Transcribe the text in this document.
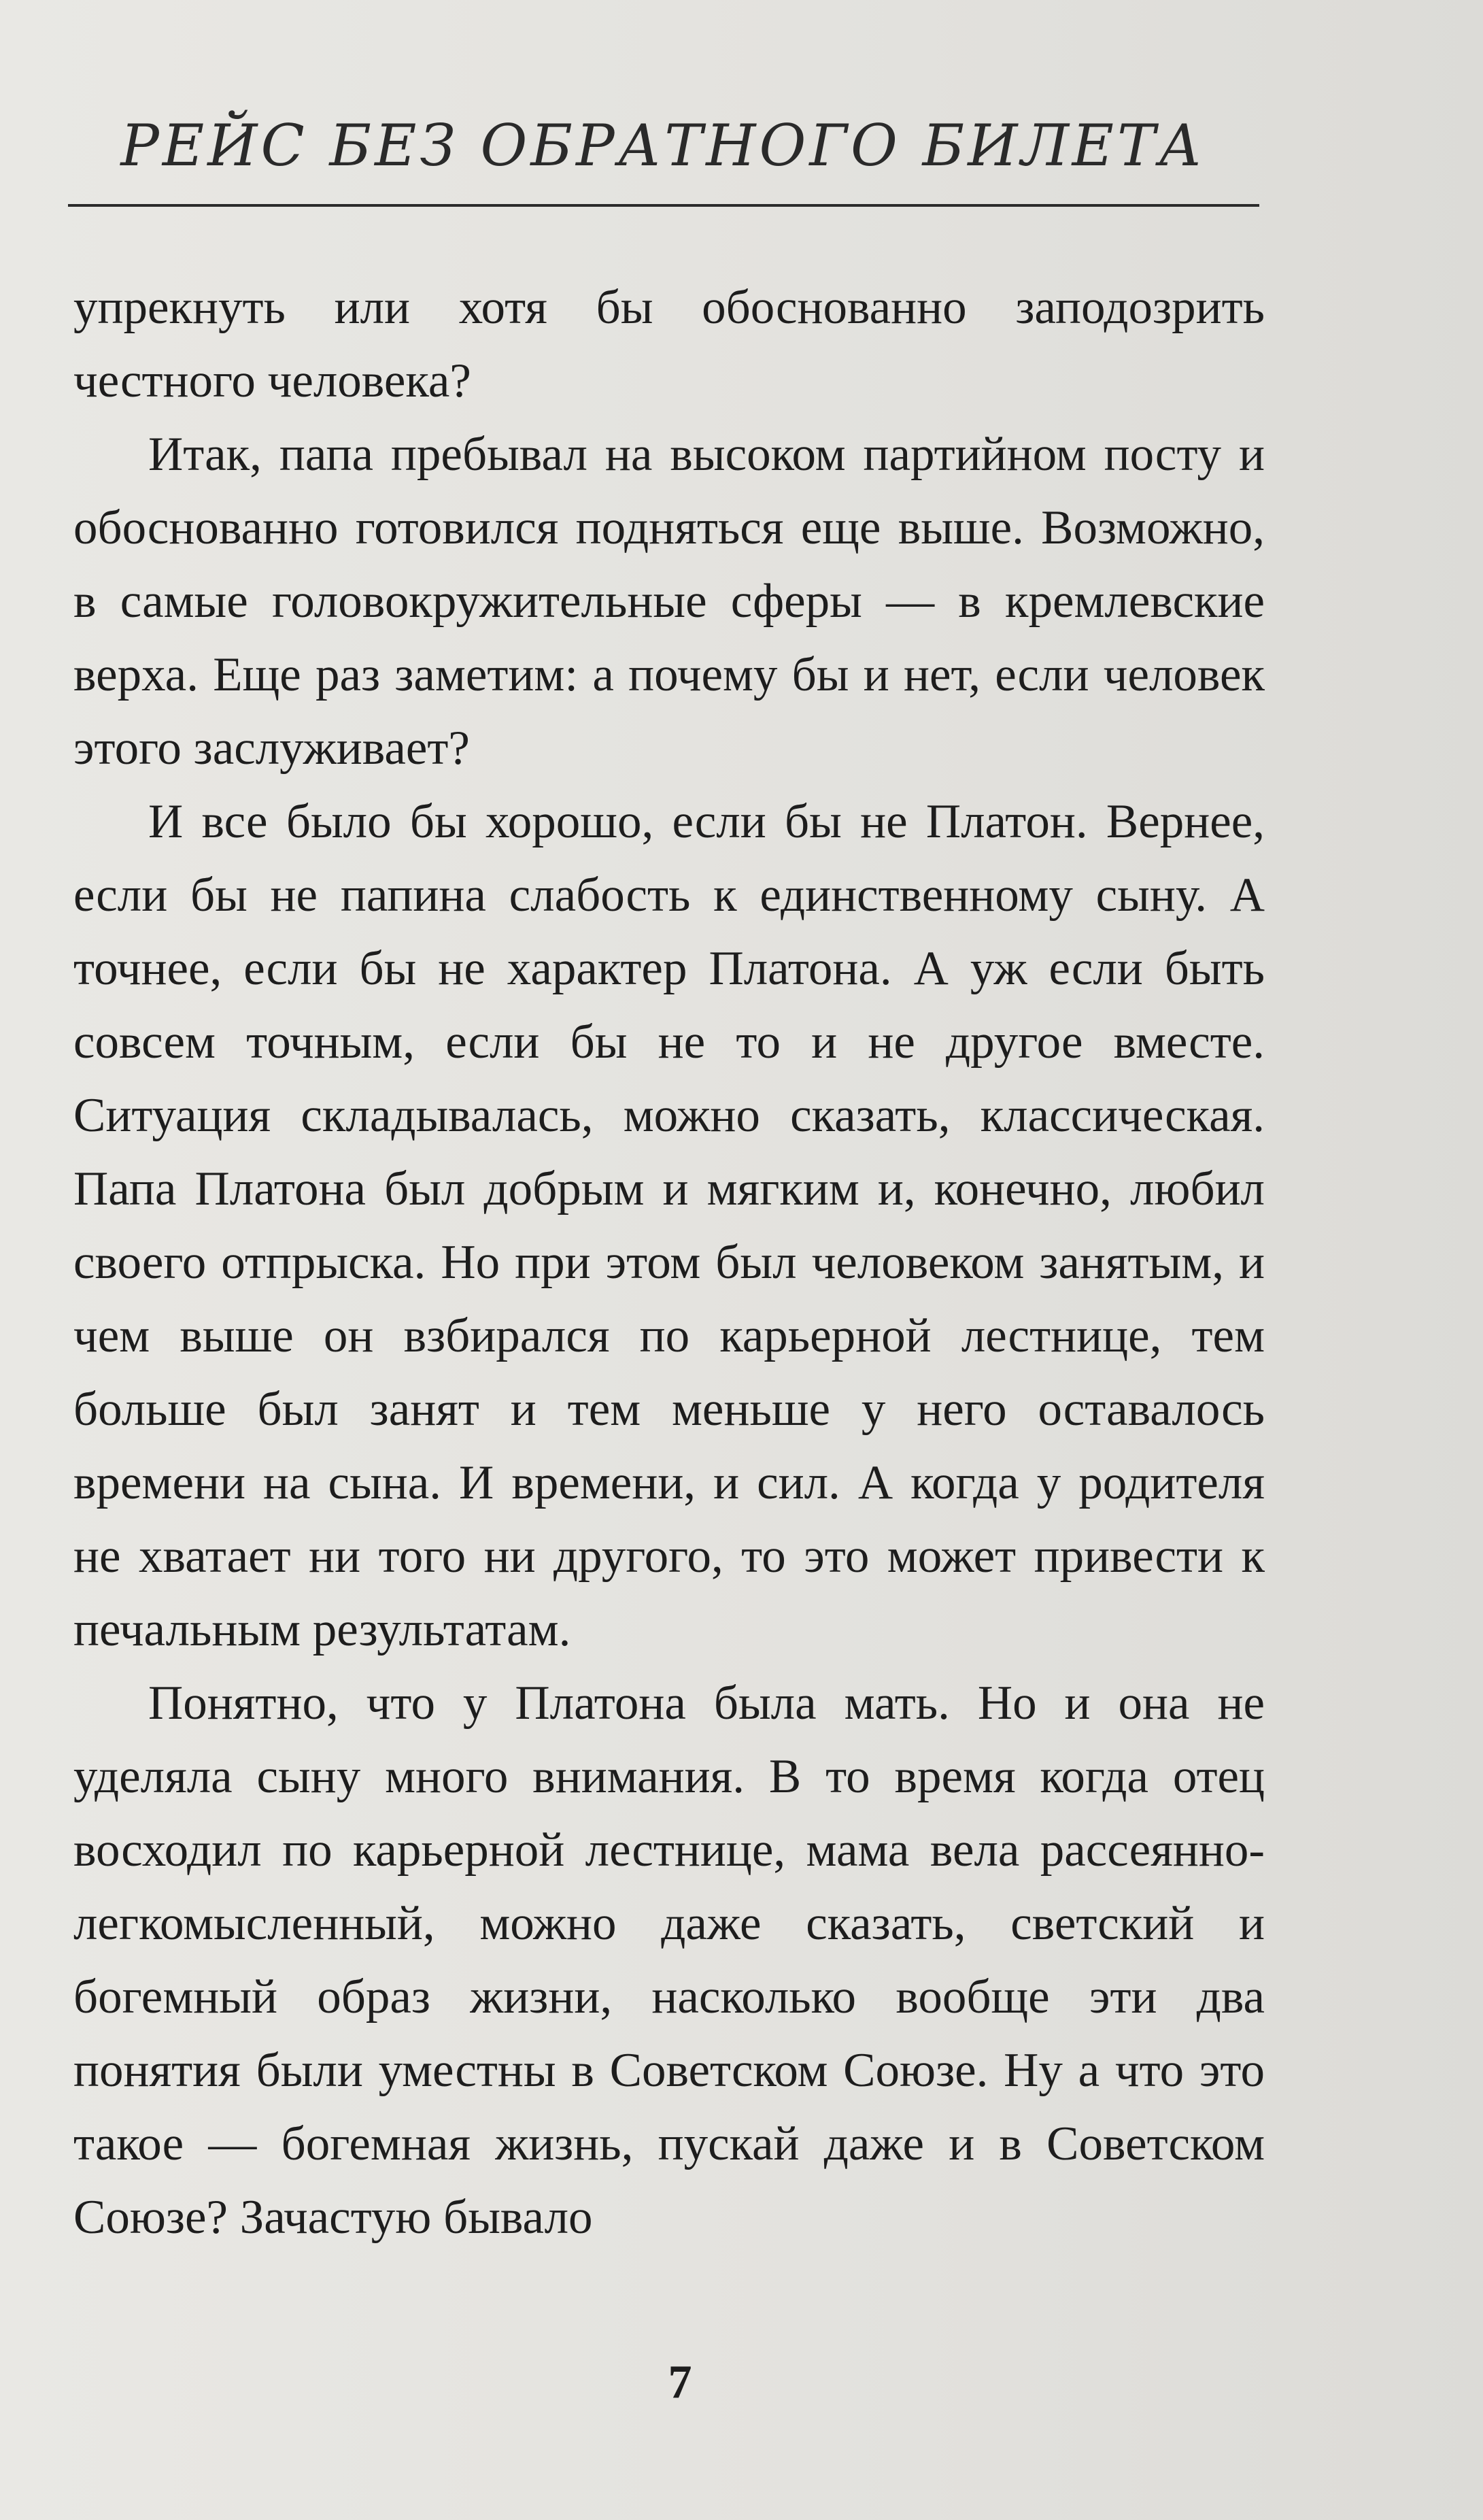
РЕЙС БЕЗ ОБРАТНОГО БИЛЕТА

упрекнуть или хотя бы обоснованно заподозрить честного человека?

Итак, папа пребывал на высоком партийном посту и обоснованно готовился подняться еще выше. Возможно, в самые головокружительные сферы — в кремлевские верха. Еще раз заметим: а почему бы и нет, если человек этого заслуживает?

И все было бы хорошо, если бы не Платон. Вернее, если бы не папина слабость к единственному сыну. А точнее, если бы не характер Платона. А уж если быть совсем точным, если бы не то и не другое вместе. Ситуация складывалась, можно сказать, классическая. Папа Платона был добрым и мягким и, конечно, любил своего отпрыска. Но при этом был человеком занятым, и чем выше он взбирался по карьерной лестнице, тем больше был занят и тем меньше у него оставалось времени на сына. И времени, и сил. А когда у родителя не хватает ни того ни другого, то это может привести к печальным результатам.

Понятно, что у Платона была мать. Но и она не уделяла сыну много внимания. В то время когда отец восходил по карьерной лестнице, мама вела рассеянно-легкомысленный, можно даже сказать, светский и богемный образ жизни, насколько вообще эти два понятия были уместны в Советском Союзе. Ну а что это такое — богемная жизнь, пускай даже и в Советском Союзе? Зачастую бывало

7
